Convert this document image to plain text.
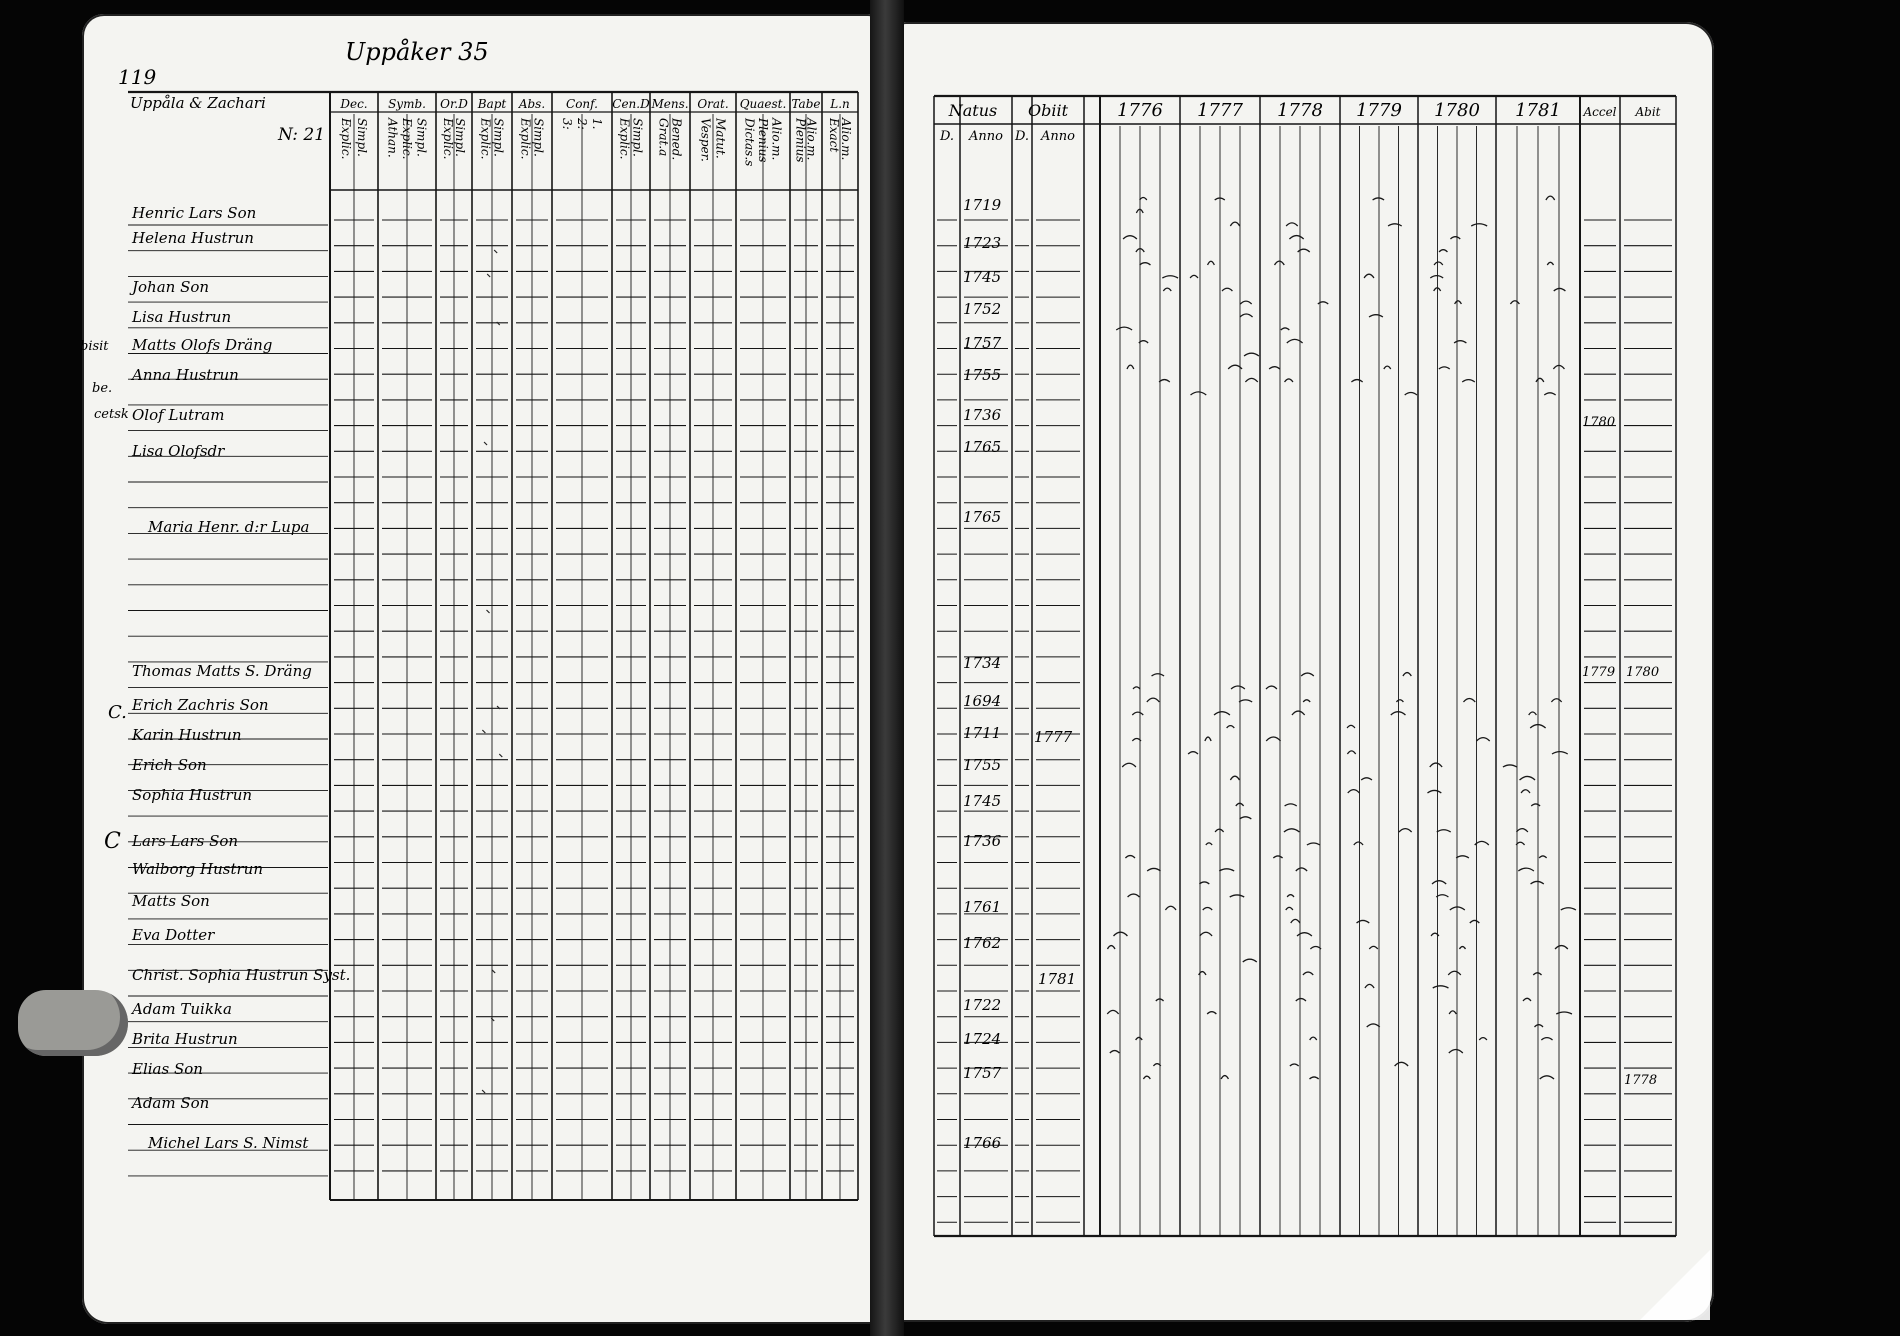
119
Uppåker 35
Uppåla & Zachari
N: 21
bisit
be.
cetsk
C.
C
Dec. Symb. Or.D Bapt Abs. Conf. Cen.D Mens. Orat. Quaest. Tabe L.n
Explic. Simpl. Athan. Explic. Simpl. Explic.
Simpl. Explic. Simpl. Explic. Simpl. 3: 2: 1. Explic.
Simpl. Grat.a Bened. Vesper. Matut. Dictas.s Plenius Alio.m. Plenius
Alio.m. Exact
Alio.m.
Henric Lars Son
Helena Hustrun
Johan Son
Lisa Hustrun
Matts Olofs Dräng
Anna Hustrun
Olof Lutram
Lisa Olofsdr
Maria Henr. d:r Lupa
Thomas Matts S. Dräng
Erich Zachris Son
Karin Hustrun
Erich Son
Sophia Hustrun
Lars Lars Son
Walborg Hustrun
Matts Son
Eva Dotter
Christ. Sophia Hustrun Syst.
Adam Tuikka
Brita Hustrun
Elias Son
Adam Son
Michel Lars S. Nimst
Natus Obiit	1776 1777 1778 1779 1780 1781 Accel Abit
D. Anno D. Anno
1719
1723
1745
1752
1757
1755
1736
1765
1765
1734
1694
1711
1755
1745
1736
1761
1762
1722
1724
1757
1766
1777
1781
1780
1779
1778
1780
